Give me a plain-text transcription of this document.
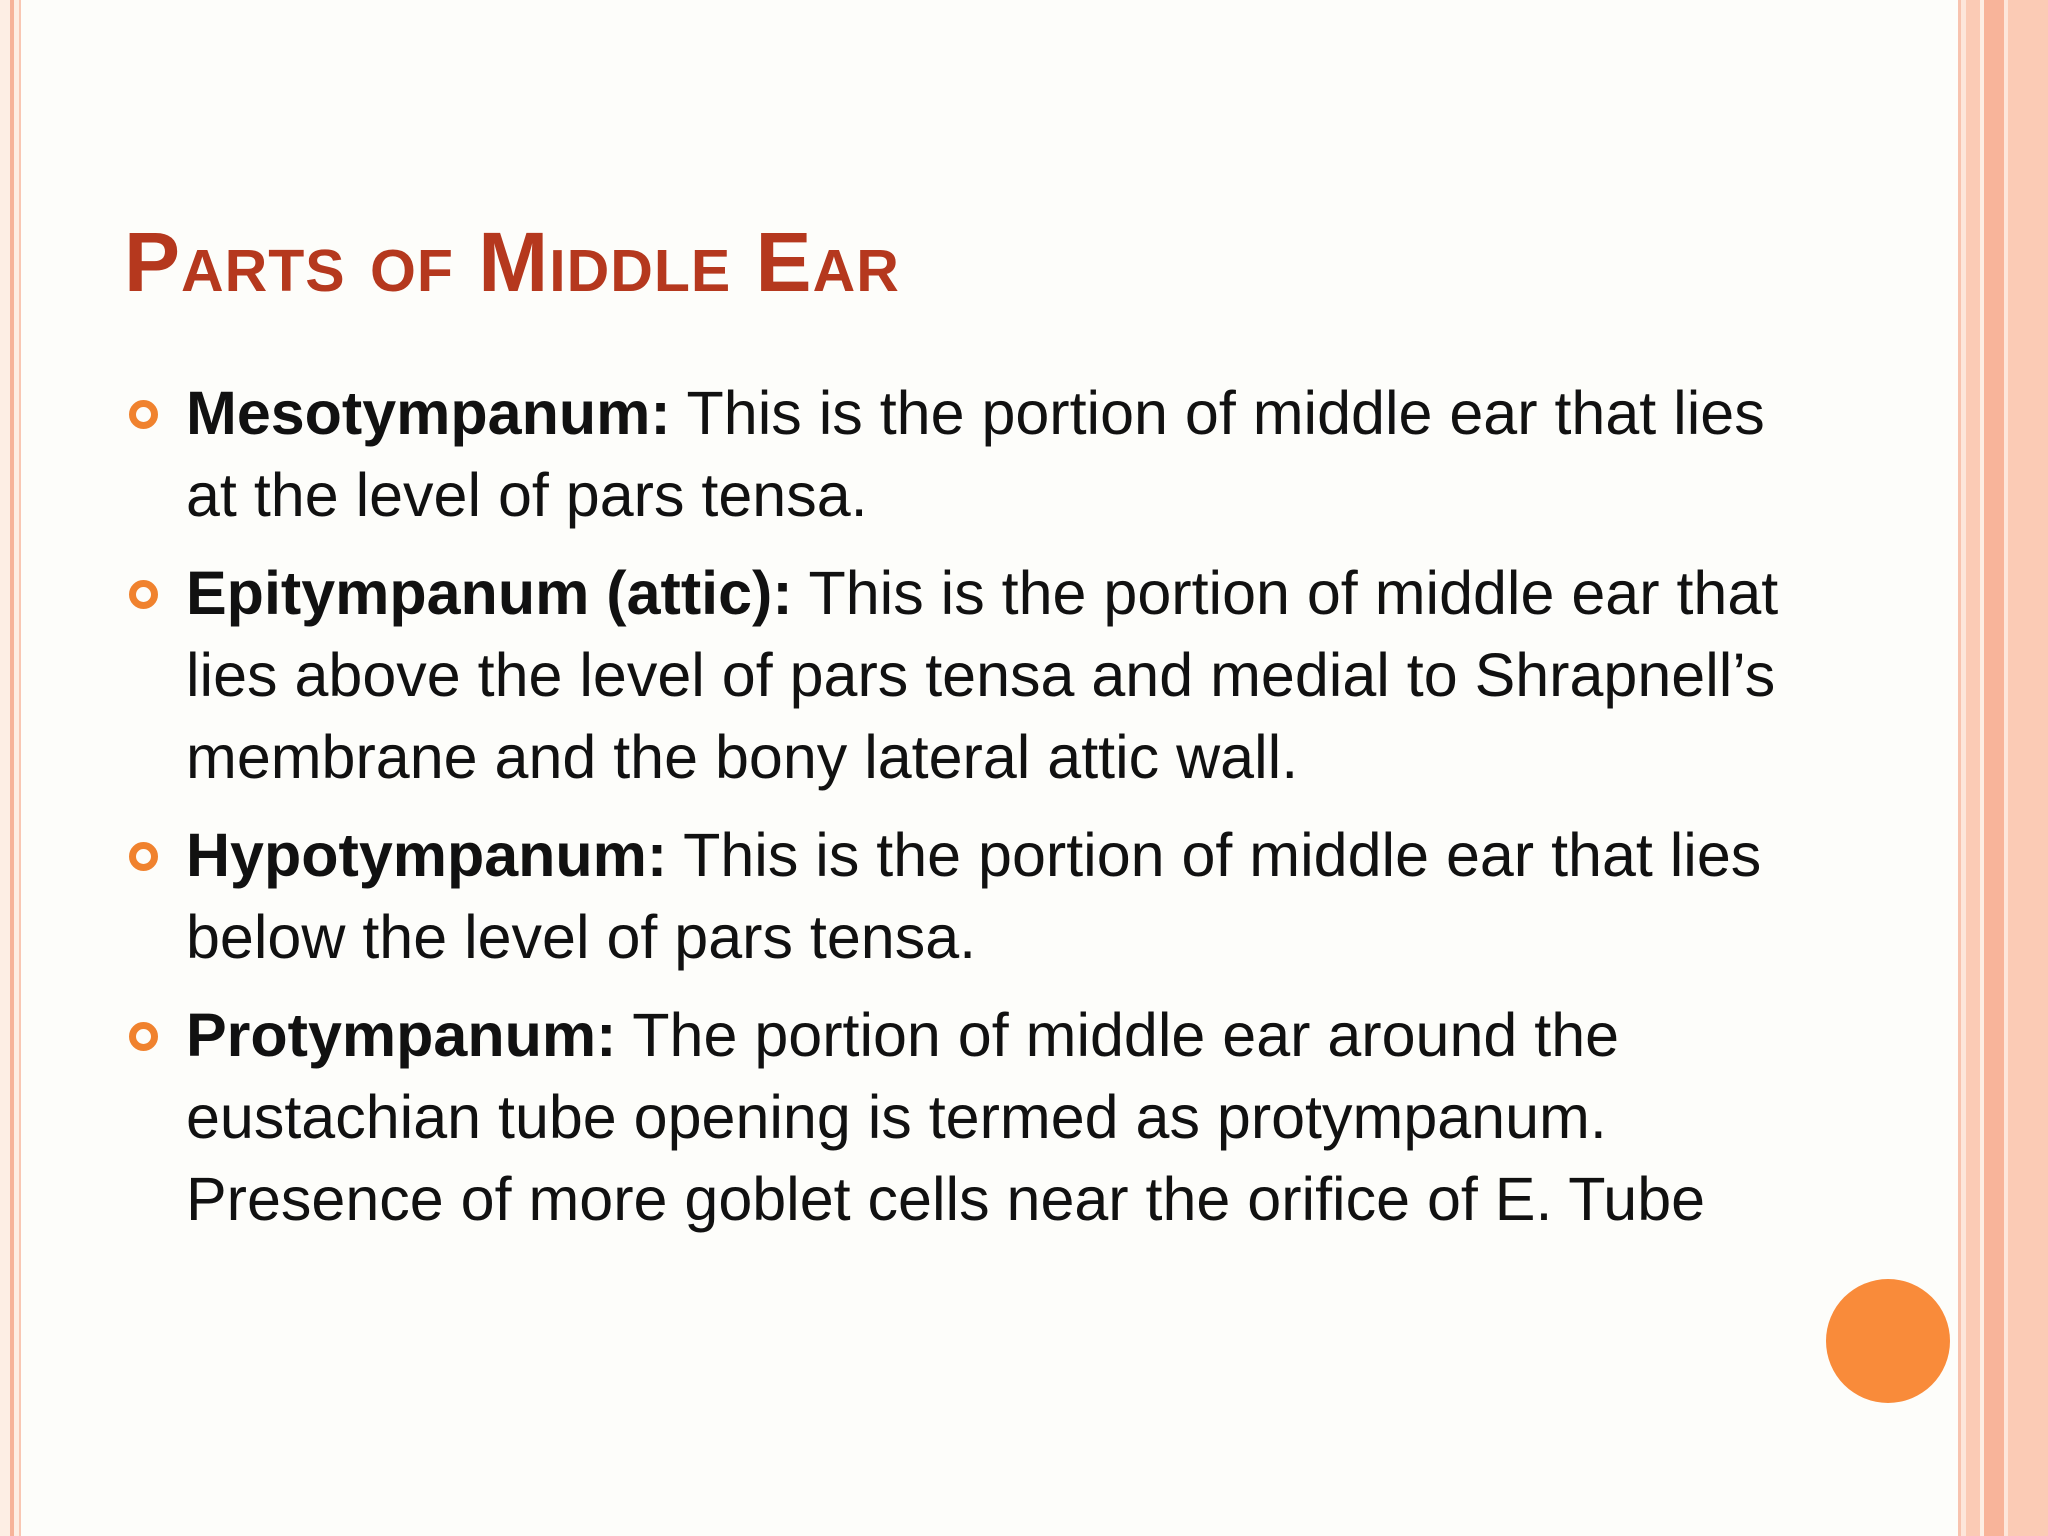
Parts of Middle Ear
Mesotympanum: This is the portion of middle ear that lies at the level of pars tensa.
Epitympanum (attic): This is the portion of middle ear that lies above the level of pars tensa and medial to Shrapnell’s membrane and the bony lateral attic wall.
Hypotympanum: This is the portion of middle ear that lies below the level of pars tensa.
Protympanum: The portion of middle ear around the eustachian tube opening is termed as protympanum. Presence of more goblet cells near the orifice of E. Tube
